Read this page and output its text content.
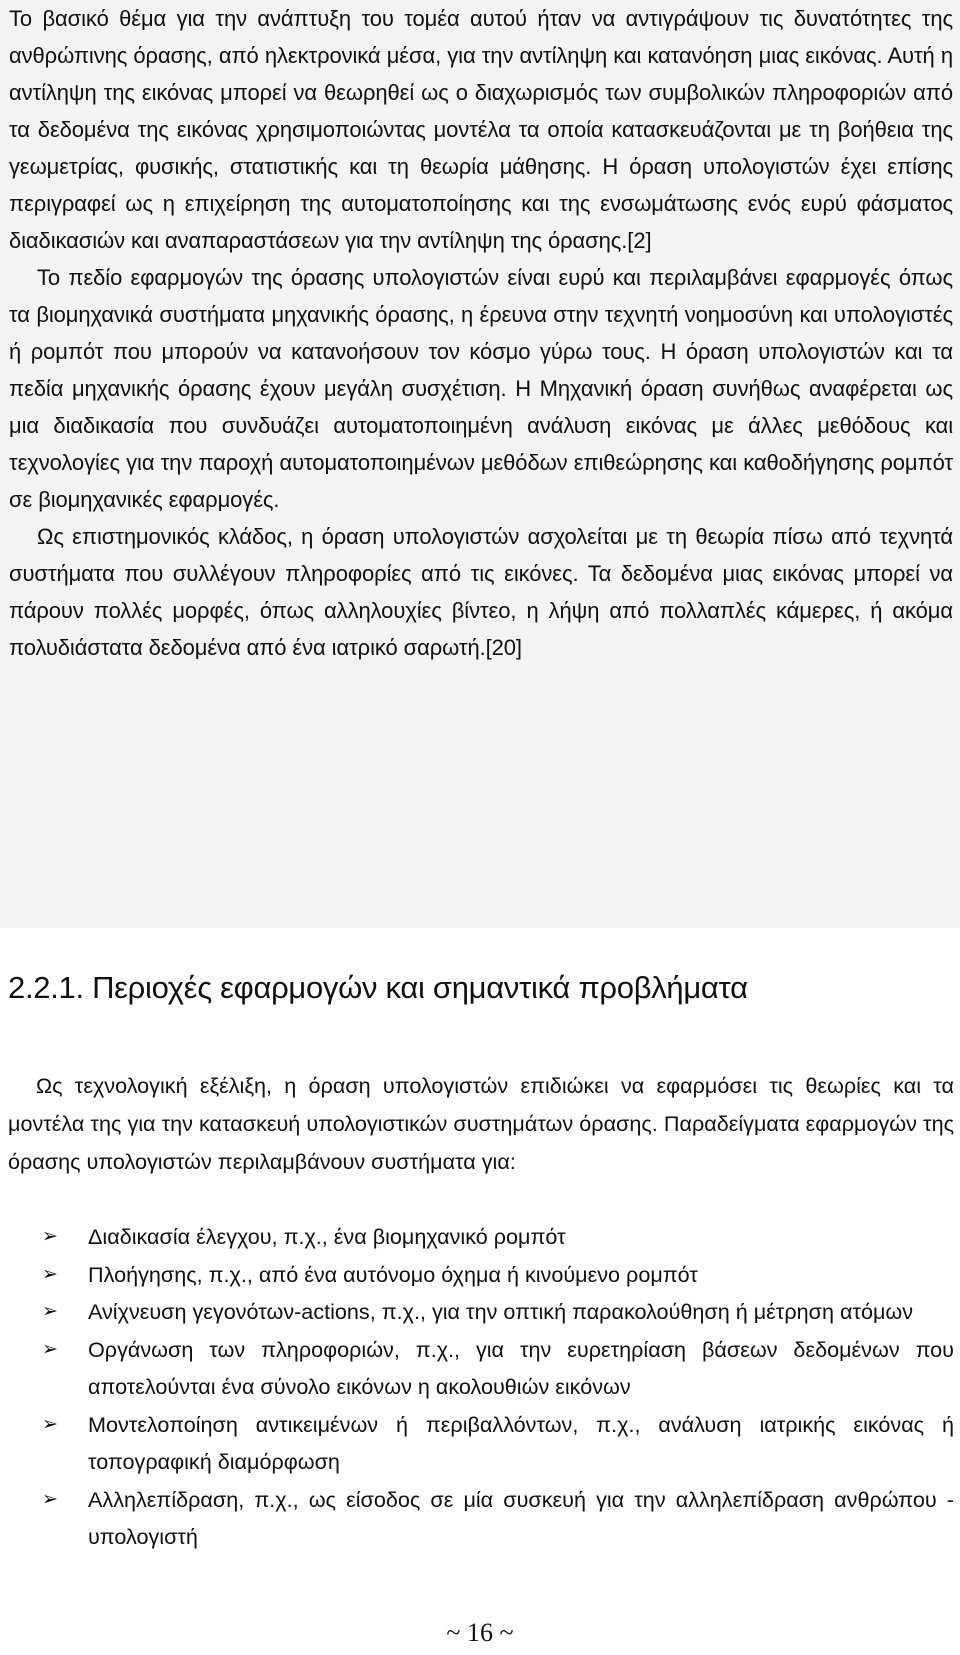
Το βασικό θέμα για την ανάπτυξη του τομέα αυτού ήταν να αντιγράψουν τις δυνατότητες της ανθρώπινης όρασης, από ηλεκτρονικά μέσα, για την αντίληψη και κατανόηση μιας εικόνας. Αυτή η αντίληψη της εικόνας μπορεί να θεωρηθεί ως ο διαχωρισμός των συμβολικών πληροφοριών από τα δεδομένα της εικόνας χρησιμοποιώντας μοντέλα τα οποία κατασκευάζονται με τη βοήθεια της γεωμετρίας, φυσικής, στατιστικής και τη θεωρία μάθησης. Η όραση υπολογιστών έχει επίσης περιγραφεί ως η επιχείρηση της αυτοματοποίησης και της ενσωμάτωσης ενός ευρύ φάσματος διαδικασιών και αναπαραστάσεων για την αντίληψη της όρασης.[2]

Το πεδίο εφαρμογών της όρασης υπολογιστών είναι ευρύ και περιλαμβάνει εφαρμογές όπως τα βιομηχανικά συστήματα μηχανικής όρασης, η έρευνα στην τεχνητή νοημοσύνη και υπολογιστές ή ρομπότ που μπορούν να κατανοήσουν τον κόσμο γύρω τους. Η όραση υπολογιστών και τα πεδία μηχανικής όρασης έχουν μεγάλη συσχέτιση. Η Μηχανική όραση συνήθως αναφέρεται ως μια διαδικασία που συνδυάζει αυτοματοποιημένη ανάλυση εικόνας με άλλες μεθόδους και τεχνολογίες για την παροχή αυτοματοποιημένων μεθόδων επιθεώρησης και καθοδήγησης ρομπότ σε βιομηχανικές εφαρμογές.

Ως επιστημονικός κλάδος, η όραση υπολογιστών ασχολείται με τη θεωρία πίσω από τεχνητά συστήματα που συλλέγουν πληροφορίες από τις εικόνες. Τα δεδομένα μιας εικόνας μπορεί να πάρουν πολλές μορφές, όπως αλληλουχίες βίντεο, η λήψη από πολλαπλές κάμερες, ή ακόμα πολυδιάστατα δεδομένα από ένα ιατρικό σαρωτή.[20]

2.2.1. Περιοχές εφαρμογών και σημαντικά προβλήματα

Ως τεχνολογική εξέλιξη, η όραση υπολογιστών επιδιώκει να εφαρμόσει τις θεωρίες και τα μοντέλα της για την κατασκευή υπολογιστικών συστημάτων όρασης. Παραδείγματα εφαρμογών της όρασης υπολογιστών περιλαμβάνουν συστήματα για:

➢ Διαδικασία έλεγχου, π.χ., ένα βιομηχανικό ρομπότ
➢ Πλοήγησης, π.χ., από ένα αυτόνομο όχημα ή κινούμενο ρομπότ
➢ Ανίχνευση γεγονότων-actions, π.χ., για την οπτική παρακολούθηση ή μέτρηση ατόμων
➢ Οργάνωση των πληροφοριών, π.χ., για την ευρετηρίαση βάσεων δεδομένων που αποτελούνται ένα σύνολο εικόνων η ακολουθιών εικόνων
➢ Μοντελοποίηση αντικειμένων ή περιβαλλόντων, π.χ., ανάλυση ιατρικής εικόνας ή τοπογραφική διαμόρφωση
➢ Αλληλεπίδραση, π.χ., ως είσοδος σε μία συσκευή για την αλληλεπίδραση ανθρώπου - υπολογιστή
~ 16 ~
